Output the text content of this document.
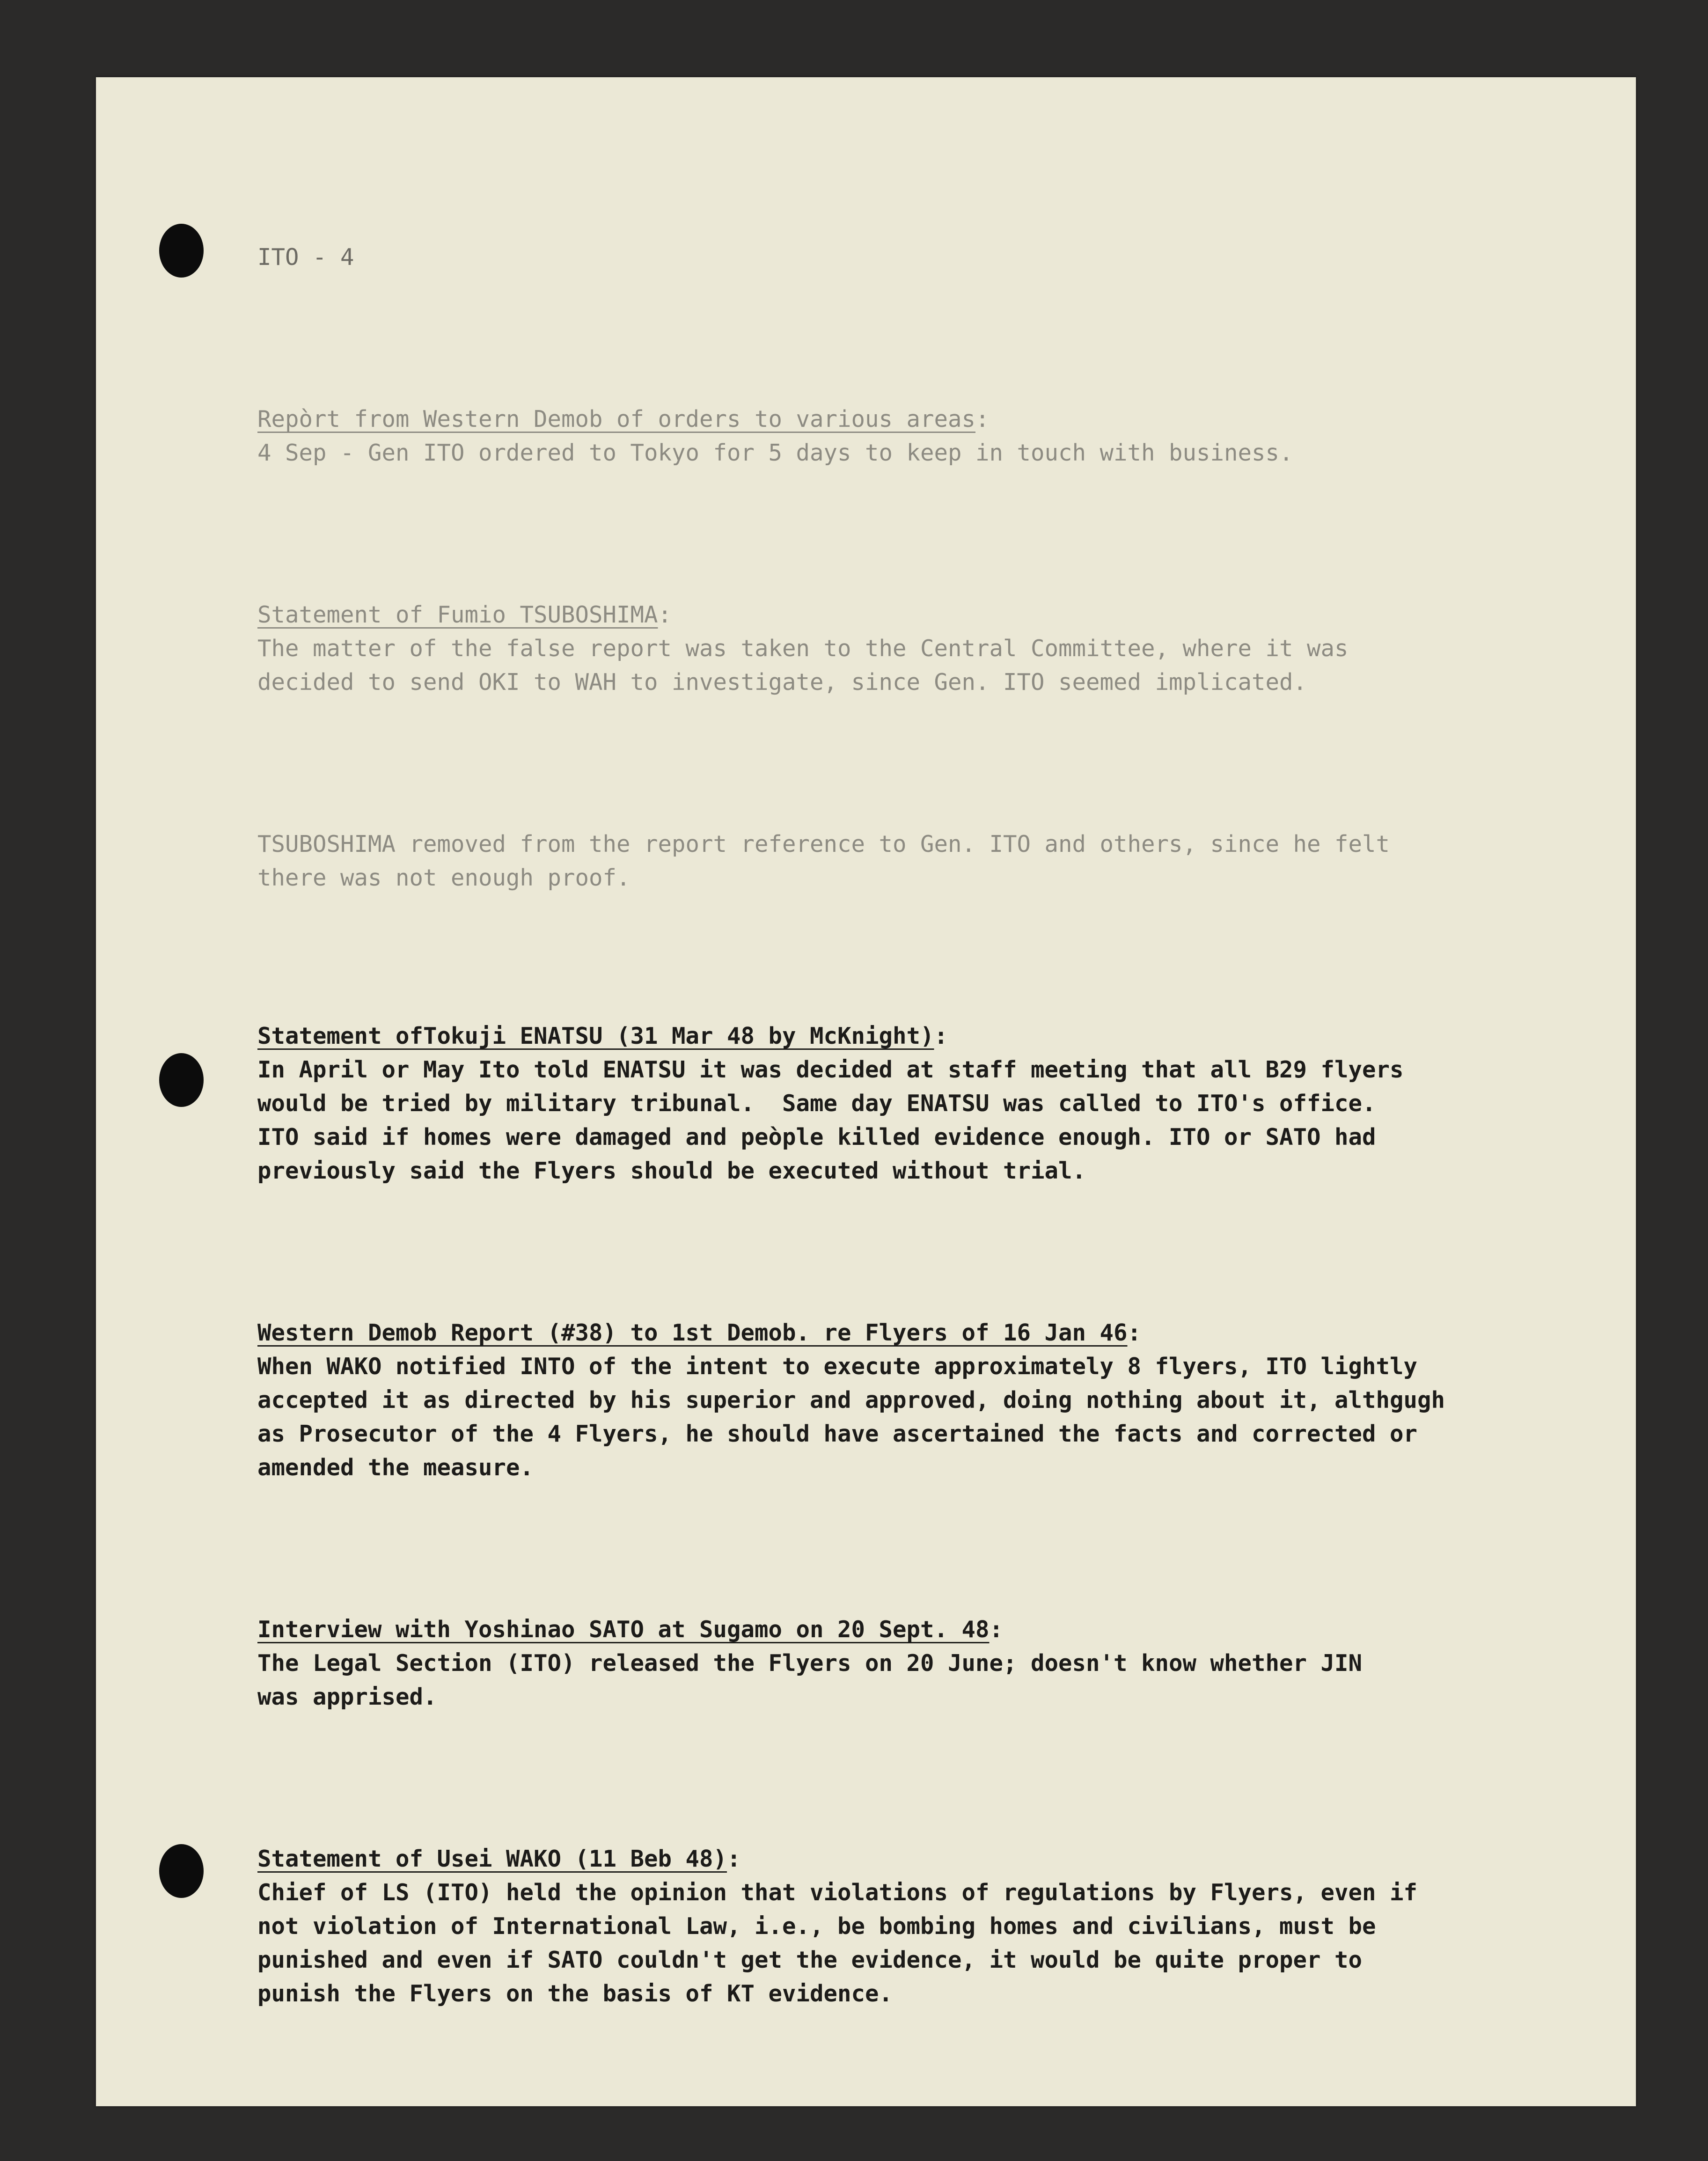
ITO - 4

Repòrt from Western Demob of orders to various areas:

4 Sep - Gen ITO ordered to Tokyo for 5 days to keep in touch with business.

Statement of Fumio TSUBOSHIMA:

The matter of the false report was taken to the Central Committee, where it was
decided to send OKI to WAH to investigate, since Gen. ITO seemed implicated.

TSUBOSHIMA removed from the report reference to Gen. ITO and others, since he felt
there was not enough proof.

Statement ofTokuji ENATSU (31 Mar 48 by McKnight):

In April or May Ito told ENATSU it was decided at staff meeting that all B29 flyers
would be tried by military tribunal.  Same day ENATSU was called to ITO's office.
ITO said if homes were damaged and peòple killed evidence enough. ITO or SATO had
previously said the Flyers should be executed without trial.

Western Demob Report (#38) to 1st Demob. re Flyers of 16 Jan 46:

When WAKO notified INTO of the intent to execute approximately 8 flyers, ITO lightly
accepted it as directed by his superior and approved, doing nothing about it, althgugh
as Prosecutor of the 4 Flyers, he should have ascertained the facts and corrected or
amended the measure.

Interview with Yoshinao SATO at Sugamo on 20 Sept. 48:

The Legal Section (ITO) released the Flyers on 20 June; doesn't know whether JIN
was apprised.

Statement of Usei WAKO (11 Beb 48):

Chief of LS (ITO) held the opinion that violations of regulations by Flyers, even if
not violation of International Law, i.e., be bombing homes and civilians, must be
punished and even if SATO couldn't get the evidence, it would be quite proper to
punish the Flyers on the basis of KT evidence.
